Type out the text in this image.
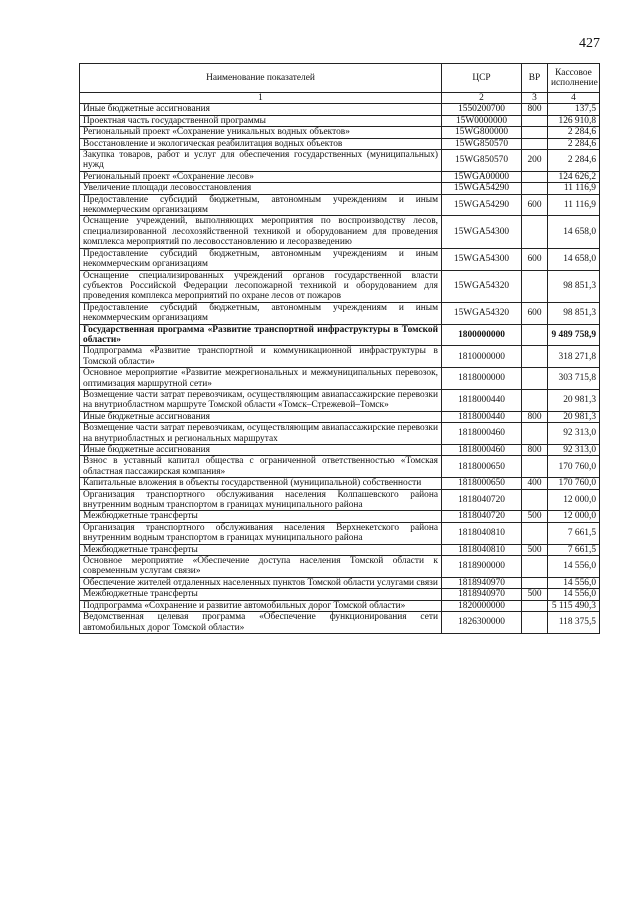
427
Наименование показателей	ЦСР	ВР	Кассовое исполнение
1	2	3	4
Иные бюджетные ассигнования	1550200700	800	137,5
Проектная часть государственной программы	15W0000000		126 910,8
Региональный проект «Сохранение уникальных водных объектов»	15WG800000		2 284,6
Восстановление и экологическая реабилитация водных объектов	15WG850570		2 284,6
Закупка товаров, работ и услуг для обеспечения государственных (муниципальных) нужд	15WG850570	200	2 284,6
Региональный проект «Сохранение лесов»	15WGA00000		124 626,2
Увеличение площади лесовосстановления	15WGA54290		11 116,9
Предоставление субсидий бюджетным, автономным учреждениям и иным некоммерческим организациям	15WGA54290	600	11 116,9
Оснащение учреждений, выполняющих мероприятия по воспроизводству лесов, специализированной лесохозяйственной техникой и оборудованием для проведения комплекса мероприятий по лесовосстановлению и лесоразведению	15WGA54300		14 658,0
Предоставление субсидий бюджетным, автономным учреждениям и иным некоммерческим организациям	15WGA54300	600	14 658,0
Оснащение специализированных учреждений органов государственной власти субъектов Российской Федерации лесопожарной техникой и оборудованием для проведения комплекса мероприятий по охране лесов от пожаров	15WGA54320		98 851,3
Предоставление субсидий бюджетным, автономным учреждениям и иным некоммерческим организациям	15WGA54320	600	98 851,3
Государственная программа «Развитие транспортной инфраструктуры в Томской области»	1800000000		9 489 758,9
Подпрограмма «Развитие транспортной и коммуникационной инфраструктуры в Томской области»	1810000000		318 271,8
Основное мероприятие «Развитие межрегиональных и межмуниципальных перевозок, оптимизация маршрутной сети»	1818000000		303 715,8
Возмещение части затрат перевозчикам, осуществляющим авиапассажирские перевозки на внутриобластном маршруте Томской области «Томск–Стрежевой–Томск»	1818000440		20 981,3
Иные бюджетные ассигнования	1818000440	800	20 981,3
Возмещение части затрат перевозчикам, осуществляющим авиапассажирские перевозки на внутриобластных и региональных маршрутах	1818000460		92 313,0
Иные бюджетные ассигнования	1818000460	800	92 313,0
Взнос в уставный капитал общества с ограниченной ответственностью «Томская областная пассажирская компания»	1818000650		170 760,0
Капитальные вложения в объекты государственной (муниципальной) собственности	1818000650	400	170 760,0
Организация транспортного обслуживания населения Колпашевского района внутренним водным транспортом в границах муниципального района	1818040720		12 000,0
Межбюджетные трансферты	1818040720	500	12 000,0
Организация транспортного обслуживания населения Верхнекетского района внутренним водным транспортом в границах муниципального района	1818040810		7 661,5
Межбюджетные трансферты	1818040810	500	7 661,5
Основное мероприятие «Обеспечение доступа населения Томской области к современным услугам связи»	1818900000		14 556,0
Обеспечение жителей отдаленных населенных пунктов Томской области услугами связи	1818940970		14 556,0
Межбюджетные трансферты	1818940970	500	14 556,0
Подпрограмма «Сохранение и развитие автомобильных дорог Томской области»	1820000000		5 115 490,3
Ведомственная целевая программа «Обеспечение функционирования сети автомобильных дорог Томской области»	1826300000		118 375,5
